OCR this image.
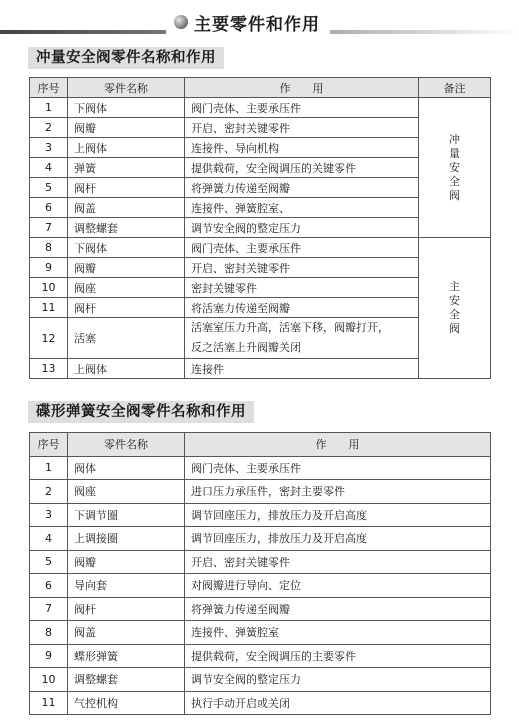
主要零件和作用
冲量安全阀零件名称和作用
序号	零件名称	作　　用	备注
1	下阀体	阀门壳体、主要承压件	冲
量
安
全
阀

2	阀瓣	开启、密封关键零件	
3	上阀体	连接件、导向机构	
4	弹簧	提供载荷，安全阀调压的关键零件	
5	阀杆	将弹簧力传递至阀瓣	
6	阀盖	连接件、弹簧腔室、	
7	调整螺套	调节安全阀的整定压力	
8	下阀体	阀门壳体、主要承压件	主
安
全
阀

9	阀瓣	开启、密封关键零件	
10	阀座	密封关键零件	
11	阀杆	将活塞力传递至阀瓣	
12	活塞	活塞室压力升高，活塞下移，阀瓣打开，
反之活塞上升阀瓣关闭	

13	上阀体	连接件	
碟形弹簧安全阀零件名称和作用
序号	零件名称	作　　用
1	阀体	阀门壳体、主要承压件
2	阀座	进口压力承压件，密封主要零件
3	下调节圈	调节回座压力，排放压力及开启高度
4	上调接圈	调节回座压力，排放压力及开启高度
5	阀瓣	开启、密封关键零件
6	导向套	对阀瓣进行导向、定位
7	阀杆	将弹簧力传递至阀瓣
8	阀盖	连接件、弹簧腔室
9	蝶形弹簧	提供载荷，安全阀调压的主要零件
10	调整螺套	调节安全阀的整定压力
11	气控机构	执行手动开启或关闭
